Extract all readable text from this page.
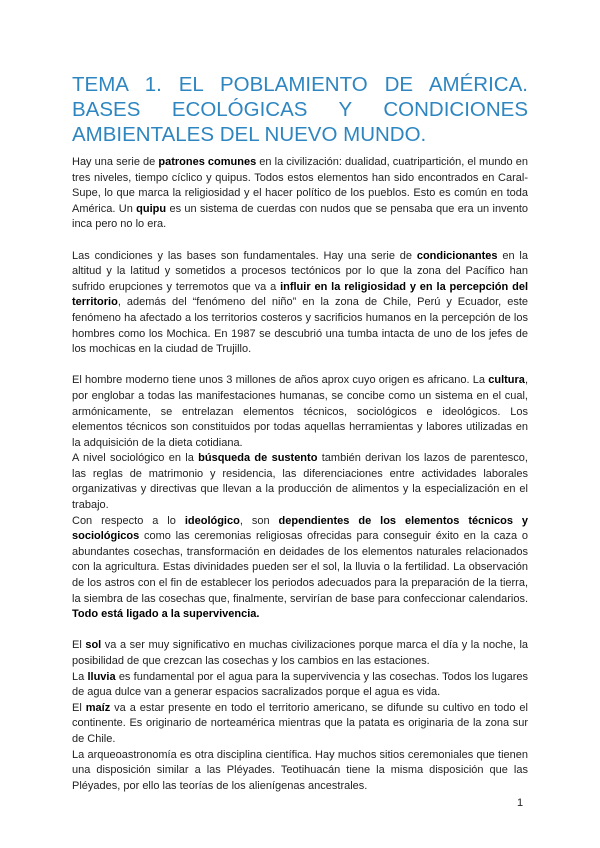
TEMA 1. EL POBLAMIENTO DE AMÉRICA. BASES ECOLÓGICAS Y CONDICIONES AMBIENTALES DEL NUEVO MUNDO.

Hay una serie de patrones comunes en la civilización: dualidad, cuatripartición, el mundo en tres niveles, tiempo cíclico y quipus. Todos estos elementos han sido encontrados en Caral-Supe, lo que marca la religiosidad y el hacer político de los pueblos. Esto es común en toda América. Un quipu es un sistema de cuerdas con nudos que se pensaba que era un invento inca pero no lo era.

Las condiciones y las bases son fundamentales. Hay una serie de condicionantes en la altitud y la latitud y sometidos a procesos tectónicos por lo que la zona del Pacífico han sufrido erupciones y terremotos que va a influir en la religiosidad y en la percepción del territorio, además del “fenómeno del niño” en la zona de Chile, Perú y Ecuador, este fenómeno ha afectado a los territorios costeros y sacrificios humanos en la percepción de los hombres como los Mochica. En 1987 se descubrió una tumba intacta de uno de los jefes de los mochicas en la ciudad de Trujillo.

El hombre moderno tiene unos 3 millones de años aprox cuyo origen es africano. La cultura, por englobar a todas las manifestaciones humanas, se concibe como un sistema en el cual, armónicamente, se entrelazan elementos técnicos, sociológicos e ideológicos. Los elementos técnicos son constituidos por todas aquellas herramientas y labores utilizadas en la adquisición de la dieta cotidiana.

A nivel sociológico en la búsqueda de sustento también derivan los lazos de parentesco, las reglas de matrimonio y residencia, las diferenciaciones entre actividades laborales organizativas y directivas que llevan a la producción de alimentos y la especialización en el trabajo.

Con respecto a lo ideológico, son dependientes de los elementos técnicos y sociológicos como las ceremonias religiosas ofrecidas para conseguir éxito en la caza o abundantes cosechas, transformación en deidades de los elementos naturales relacionados con la agricultura. Estas divinidades pueden ser el sol, la lluvia o la fertilidad. La observación de los astros con el fin de establecer los periodos adecuados para la preparación de la tierra, la siembra de las cosechas que, finalmente, servirían de base para confeccionar calendarios. Todo está ligado a la supervivencia.

El sol va a ser muy significativo en muchas civilizaciones porque marca el día y la noche, la posibilidad de que crezcan las cosechas y los cambios en las estaciones.

La lluvia es fundamental por el agua para la supervivencia y las cosechas. Todos los lugares de agua dulce van a generar espacios sacralizados porque el agua es vida.

El maíz va a estar presente en todo el territorio americano, se difunde su cultivo en todo el continente. Es originario de norteamérica mientras que la patata es originaria de la zona sur de Chile.

La arqueoastronomía es otra disciplina científica. Hay muchos sitios ceremoniales que tienen una disposición similar a las Pléyades. Teotihuacán tiene la misma disposición que las Pléyades, por ello las teorías de los alienígenas ancestrales.

1
